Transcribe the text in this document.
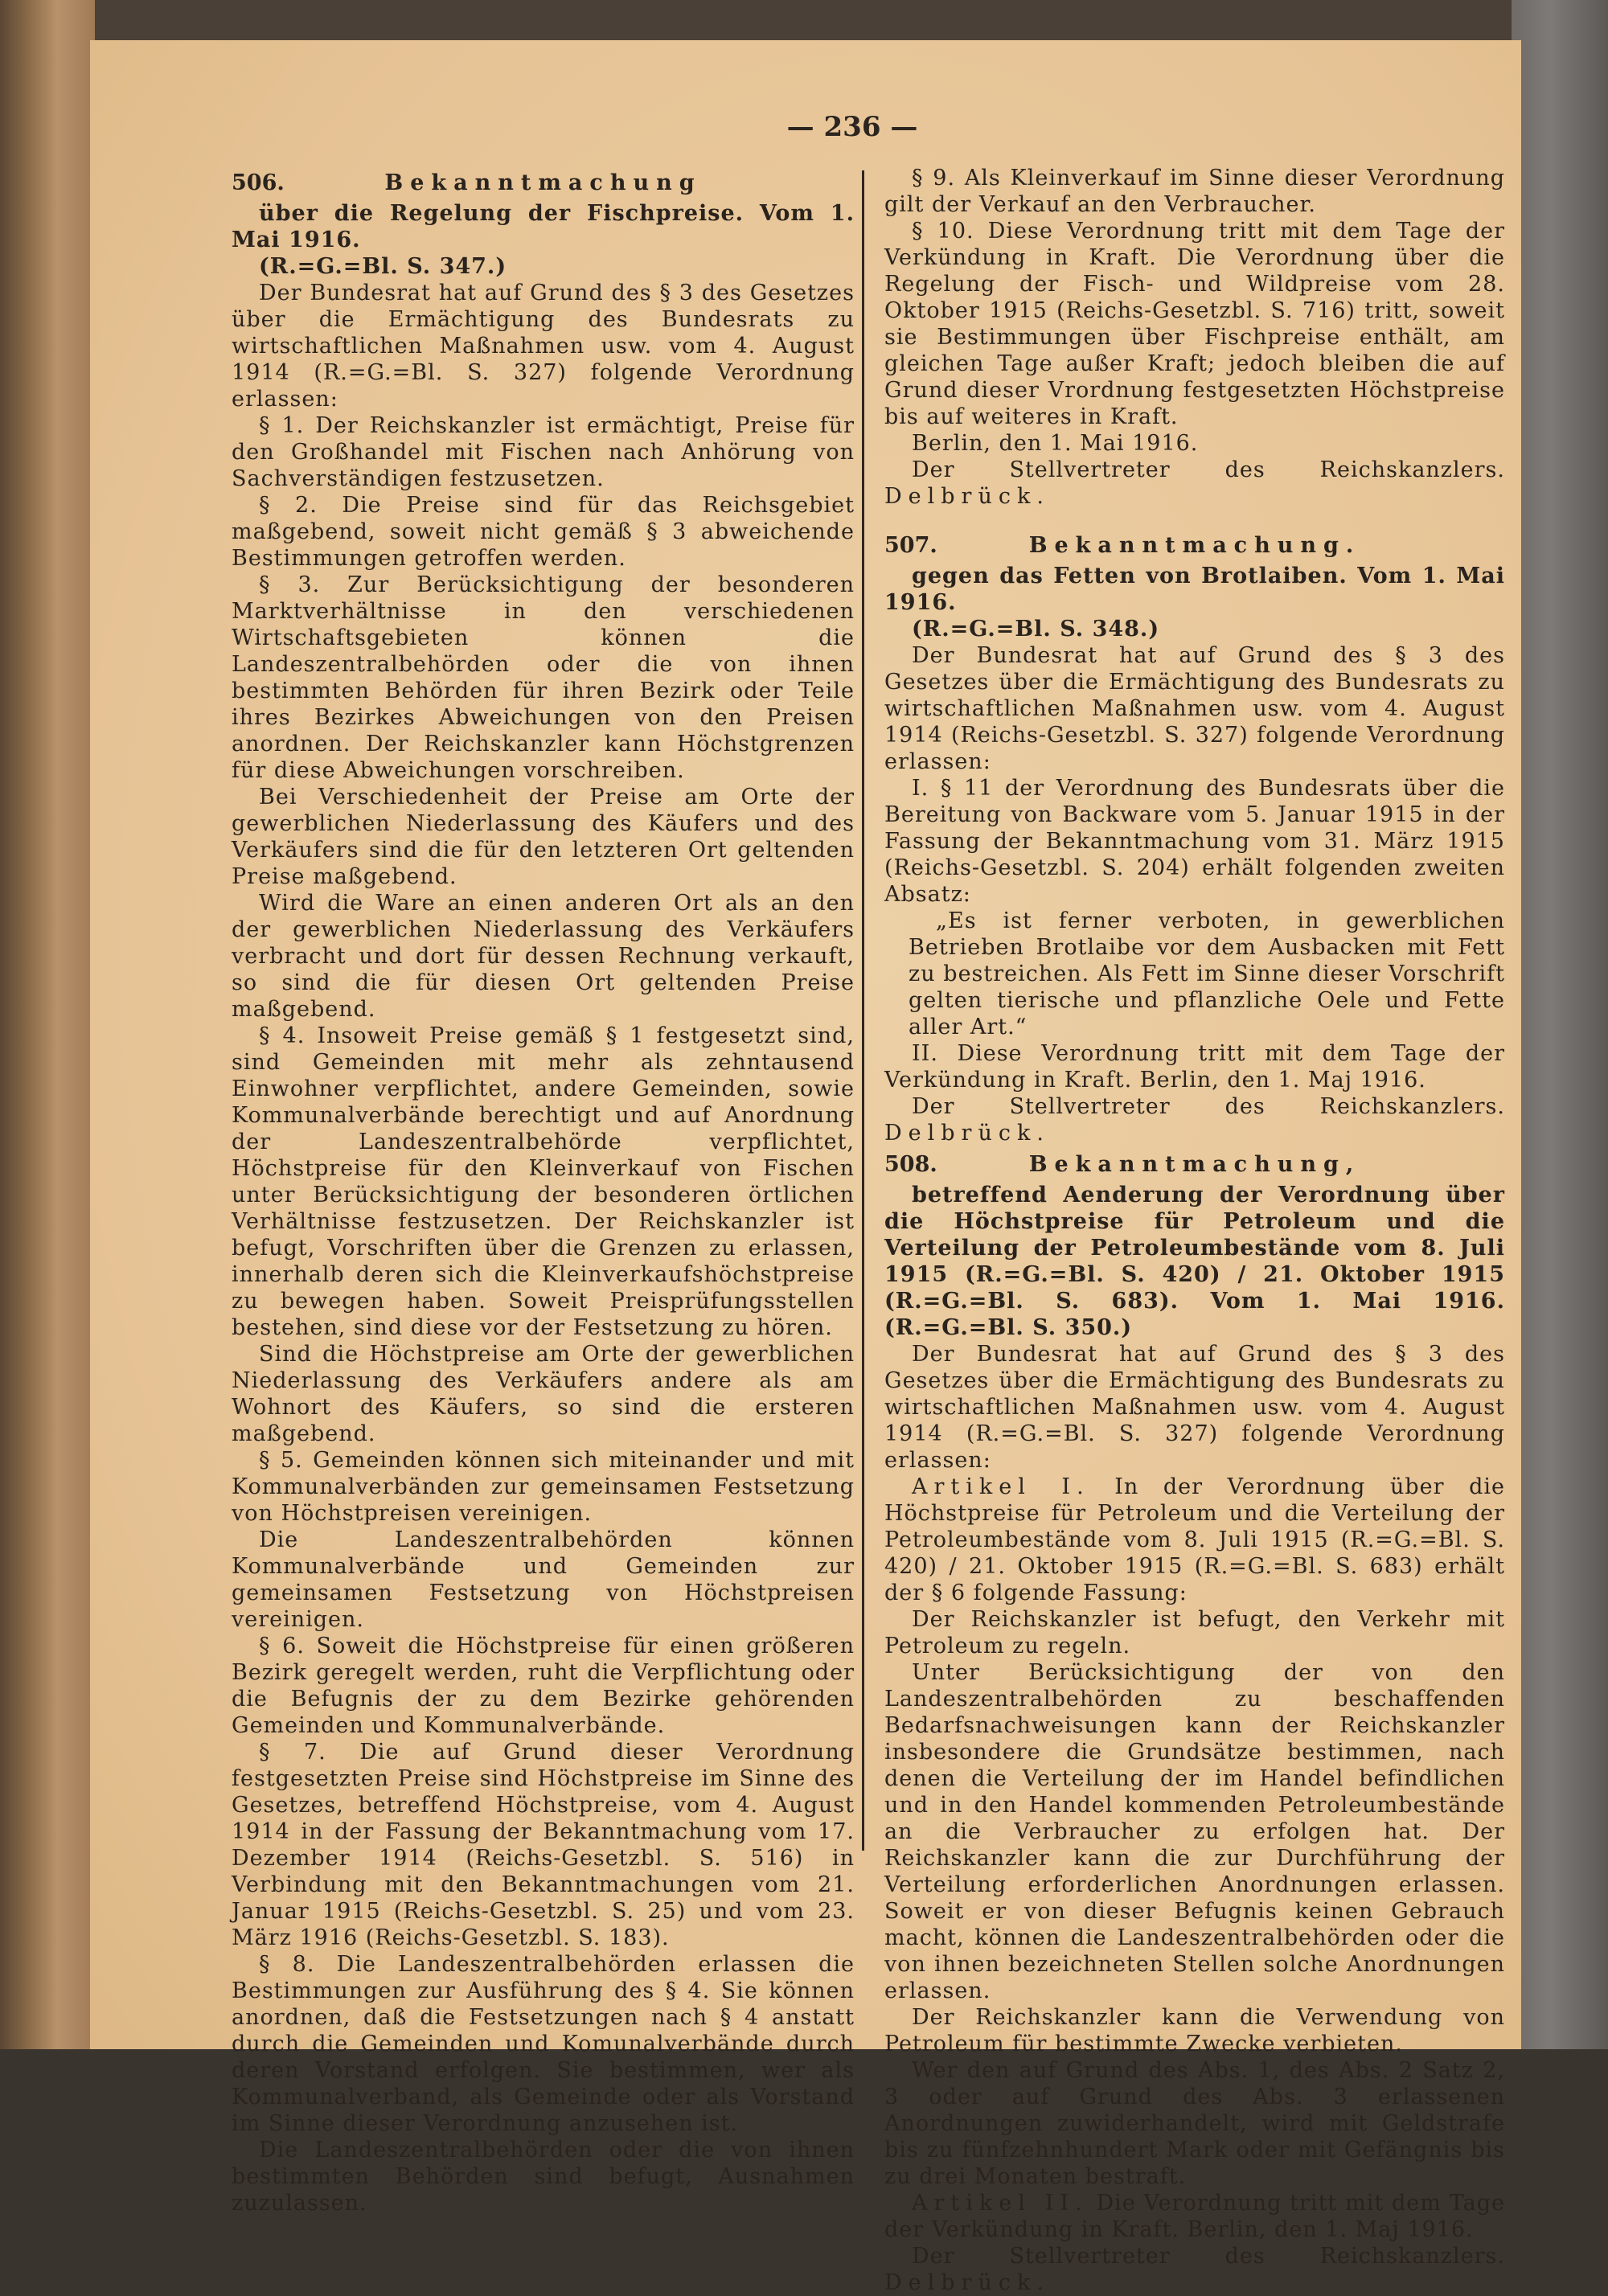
— 236 —
506.	Bekanntmachung

über die Regelung der Fischpreise. Vom 1. Mai 1916.

(R.=G.=Bl. S. 347.)

Der Bundesrat hat auf Grund des § 3 des Gesetzes über die Ermächtigung des Bundesrats zu wirtschaftlichen Maßnahmen usw. vom 4. August 1914 (R.=G.=Bl. S. 327) folgende Verordnung erlassen:

§ 1. Der Reichskanzler ist ermächtigt, Preise für den Großhandel mit Fischen nach Anhörung von Sachverständigen festzusetzen.

§ 2. Die Preise sind für das Reichsgebiet maßgebend, soweit nicht gemäß § 3 abweichende Bestimmungen getroffen werden.

§ 3. Zur Berücksichtigung der besonderen Marktverhältnisse in den verschiedenen Wirtschaftsgebieten können die Landeszentralbehörden oder die von ihnen bestimmten Behörden für ihren Bezirk oder Teile ihres Bezirkes Abweichungen von den Preisen anordnen. Der Reichskanzler kann Höchstgrenzen für diese Abweichungen vorschreiben.

Bei Verschiedenheit der Preise am Orte der gewerblichen Niederlassung des Käufers und des Verkäufers sind die für den letzteren Ort geltenden Preise maßgebend.

Wird die Ware an einen anderen Ort als an den der gewerblichen Niederlassung des Verkäufers verbracht und dort für dessen Rechnung verkauft, so sind die für diesen Ort geltenden Preise maßgebend.

§ 4. Insoweit Preise gemäß § 1 festgesetzt sind, sind Gemeinden mit mehr als zehntausend Einwohner verpflichtet, andere Gemeinden, sowie Kommunalverbände berechtigt und auf Anordnung der Landeszentralbehörde verpflichtet, Höchstpreise für den Kleinverkauf von Fischen unter Berücksichtigung der besonderen örtlichen Verhältnisse festzusetzen. Der Reichskanzler ist befugt, Vorschriften über die Grenzen zu erlassen, innerhalb deren sich die Kleinverkaufshöchstpreise zu bewegen haben. Soweit Preisprüfungsstellen bestehen, sind diese vor der Festsetzung zu hören.

Sind die Höchstpreise am Orte der gewerblichen Niederlassung des Verkäufers andere als am Wohnort des Käufers, so sind die ersteren maßgebend.

§ 5. Gemeinden können sich miteinander und mit Kommunalverbänden zur gemeinsamen Festsetzung von Höchstpreisen vereinigen.

Die Landeszentralbehörden können Kommunalverbände und Gemeinden zur gemeinsamen Festsetzung von Höchstpreisen vereinigen.

§ 6. Soweit die Höchstpreise für einen größeren Bezirk geregelt werden, ruht die Verpflichtung oder die Befugnis der zu dem Bezirke gehörenden Gemeinden und Kommunalverbände.

§ 7. Die auf Grund dieser Verordnung festgesetzten Preise sind Höchstpreise im Sinne des Gesetzes, betreffend Höchstpreise, vom 4. August 1914 in der Fassung der Bekanntmachung vom 17. Dezember 1914 (Reichs-Gesetzbl. S. 516) in Verbindung mit den Bekanntmachungen vom 21. Januar 1915 (Reichs-Gesetzbl. S. 25) und vom 23. März 1916 (Reichs-Gesetzbl. S. 183).

§ 8. Die Landeszentralbehörden erlassen die Bestimmungen zur Ausführung des § 4. Sie können anordnen, daß die Festsetzungen nach § 4 anstatt durch die Gemeinden und Komunalverbände durch deren Vorstand erfolgen. Sie bestimmen, wer als Kommunalverband, als Gemeinde oder als Vorstand im Sinne dieser Verordnung anzusehen ist.

Die Landeszentralbehörden oder die von ihnen bestimmten Behörden sind befugt, Ausnahmen zuzulassen.

§ 9. Als Kleinverkauf im Sinne dieser Verordnung gilt der Verkauf an den Verbraucher.

§ 10. Diese Verordnung tritt mit dem Tage der Verkündung in Kraft. Die Verordnung über die Regelung der Fisch- und Wildpreise vom 28. Oktober 1915 (Reichs-Gesetzbl. S. 716) tritt, soweit sie Bestimmungen über Fischpreise enthält, am gleichen Tage außer Kraft; jedoch bleiben die auf Grund dieser Vrordnung festgesetzten Höchstpreise bis auf weiteres in Kraft.

Berlin, den 1. Mai 1916.

Der Stellvertreter des Reichskanzlers. Delbrück.

507.	Bekanntmachung.

gegen das Fetten von Brotlaiben. Vom 1. Mai 1916.

(R.=G.=Bl. S. 348.)

Der Bundesrat hat auf Grund des § 3 des Gesetzes über die Ermächtigung des Bundesrats zu wirtschaftlichen Maßnahmen usw. vom 4. August 1914 (Reichs-Gesetzbl. S. 327) folgende Verordnung erlassen:

I. § 11 der Verordnung des Bundesrats über die Bereitung von Backware vom 5. Januar 1915 in der Fassung der Bekanntmachung vom 31. März 1915 (Reichs-Gesetzbl. S. 204) erhält folgenden zweiten Absatz:

„Es ist ferner verboten, in gewerblichen Betrieben Brotlaibe vor dem Ausbacken mit Fett zu bestreichen. Als Fett im Sinne dieser Vorschrift gelten tierische und pflanzliche Oele und Fette aller Art.“

II. Diese Verordnung tritt mit dem Tage der Verkündung in Kraft. Berlin, den 1. Maj 1916.

Der Stellvertreter des Reichskanzlers. Delbrück.

508.	Bekanntmachung,

betreffend Aenderung der Verordnung über die Höchstpreise für Petroleum und die Verteilung der Petroleumbestände vom 8. Juli 1915 (R.=G.=Bl. S. 420) / 21. Oktober 1915 (R.=G.=Bl. S. 683). Vom 1. Mai 1916. (R.=G.=Bl. S. 350.)

Der Bundesrat hat auf Grund des § 3 des Gesetzes über die Ermächtigung des Bundesrats zu wirtschaftlichen Maßnahmen usw. vom 4. August 1914 (R.=G.=Bl. S. 327) folgende Verordnung erlassen:

Artikel I. In der Verordnung über die Höchstpreise für Petroleum und die Verteilung der Petroleumbestände vom 8. Juli 1915 (R.=G.=Bl. S. 420) / 21. Oktober 1915 (R.=G.=Bl. S. 683) erhält der § 6 folgende Fassung:

Der Reichskanzler ist befugt, den Verkehr mit Petroleum zu regeln.

Unter Berücksichtigung der von den Landeszentralbehörden zu beschaffenden Bedarfsnachweisungen kann der Reichskanzler insbesondere die Grundsätze bestimmen, nach denen die Verteilung der im Handel befindlichen und in den Handel kommenden Petroleumbestände an die Verbraucher zu erfolgen hat. Der Reichskanzler kann die zur Durchführung der Verteilung erforderlichen Anordnungen erlassen. Soweit er von dieser Befugnis keinen Gebrauch macht, können die Landeszentralbehörden oder die von ihnen bezeichneten Stellen solche Anordnungen erlassen.

Der Reichskanzler kann die Verwendung von Petroleum für bestimmte Zwecke verbieten.

Wer den auf Grund des Abs. 1, des Abs. 2 Satz 2, 3 oder auf Grund des Abs. 3 erlassenen Anordnungen zuwiderhandelt, wird mit Geldstrafe bis zu fünfzehnhundert Mark oder mit Gefängnis bis zu drei Monaten bestraft.

Artikel II. Die Verordnung tritt mit dem Tage der Verkündung in Kraft. Berlin, den 1. Maj 1916.

Der Stellvertreter des Reichskanzlers. Delbrück.
